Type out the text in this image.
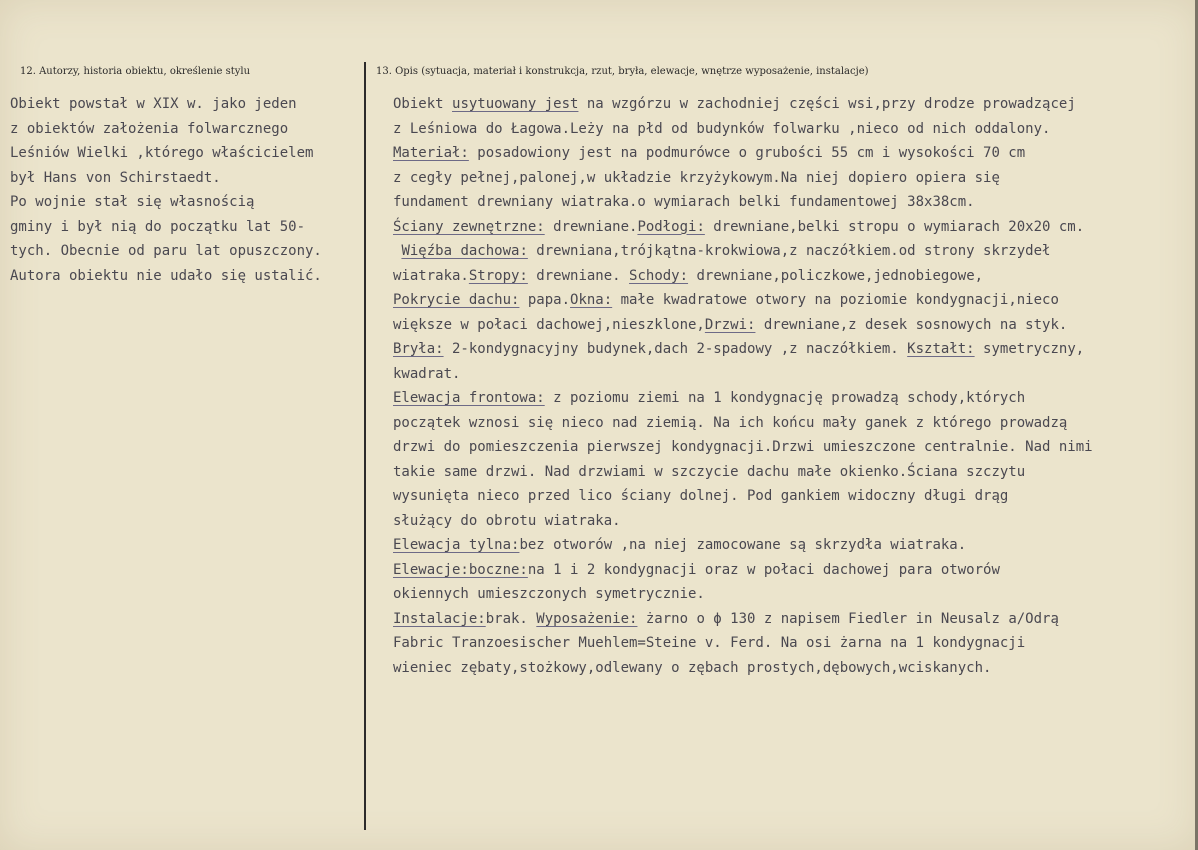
12. Autorzy, historia obiektu, określenie stylu	13. Opis (sytuacja, materiał i konstrukcja, rzut, bryła, elewacje, wnętrze wyposażenie, instalacje)
Obiekt powstał w XIX w. jako jeden
z obiektów założenia folwarcznego
Leśniów Wielki ,którego właścicielem
był Hans von Schirstaedt.
Po wojnie stał się własnością
gminy i był nią do początku lat 50-
tych. Obecnie od paru lat opuszczony.
Autora obiektu nie udało się ustalić.
Obiekt usytuowany jest na wzgórzu w zachodniej części wsi,przy drodze prowadzącej
z Leśniowa do Łagowa.Leży na płd od budynków folwarku ,nieco od nich oddalony.
Materiał: posadowiony jest na podmurówce o grubości 55 cm i wysokości 70 cm
z cegły pełnej,palonej,w układzie krzyżykowym.Na niej dopiero opiera się
fundament drewniany wiatraka.o wymiarach belki fundamentowej 38x38cm.
Ściany zewnętrzne: drewniane.Podłogi: drewniane,belki stropu o wymiarach 20x20 cm.
Więźba dachowa: drewniana,trójkątna-krokwiowa,z naczółkiem.od strony skrzydeł
wiatraka.Stropy: drewniane. Schody: drewniane,policzkowe,jednobiegowe,
Pokrycie dachu: papa.Okna: małe kwadratowe otwory na poziomie kondygnacji,nieco
większe w połaci dachowej,nieszklone,Drzwi: drewniane,z desek sosnowych na styk.
Bryła: 2-kondygnacyjny budynek,dach 2-spadowy ,z naczółkiem. Kształt: symetryczny,
kwadrat.
Elewacja frontowa: z poziomu ziemi na 1 kondygnację prowadzą schody,których
początek wznosi się nieco nad ziemią. Na ich końcu mały ganek z którego prowadzą
drzwi do pomieszczenia pierwszej kondygnacji.Drzwi umieszczone centralnie. Nad nimi
takie same drzwi. Nad drzwiami w szczycie dachu małe okienko.Ściana szczytu
wysunięta nieco przed lico ściany dolnej. Pod gankiem widoczny długi drąg
służący do obrotu wiatraka.
Elewacja tylna:bez otworów ,na niej zamocowane są skrzydła wiatraka.
Elewacje:boczne:na 1 i 2 kondygnacji oraz w połaci dachowej para otworów
okiennych umieszczonych symetrycznie.
Instalacje:brak. Wyposażenie: żarno o ϕ 130 z napisem Fiedler in Neusalz a/Odrą
Fabric Tranzoesischer Muehlem=Steine v. Ferd. Na osi żarna na 1 kondygnacji
wieniec zębaty,stożkowy,odlewany o zębach prostych,dębowych,wciskanych.
